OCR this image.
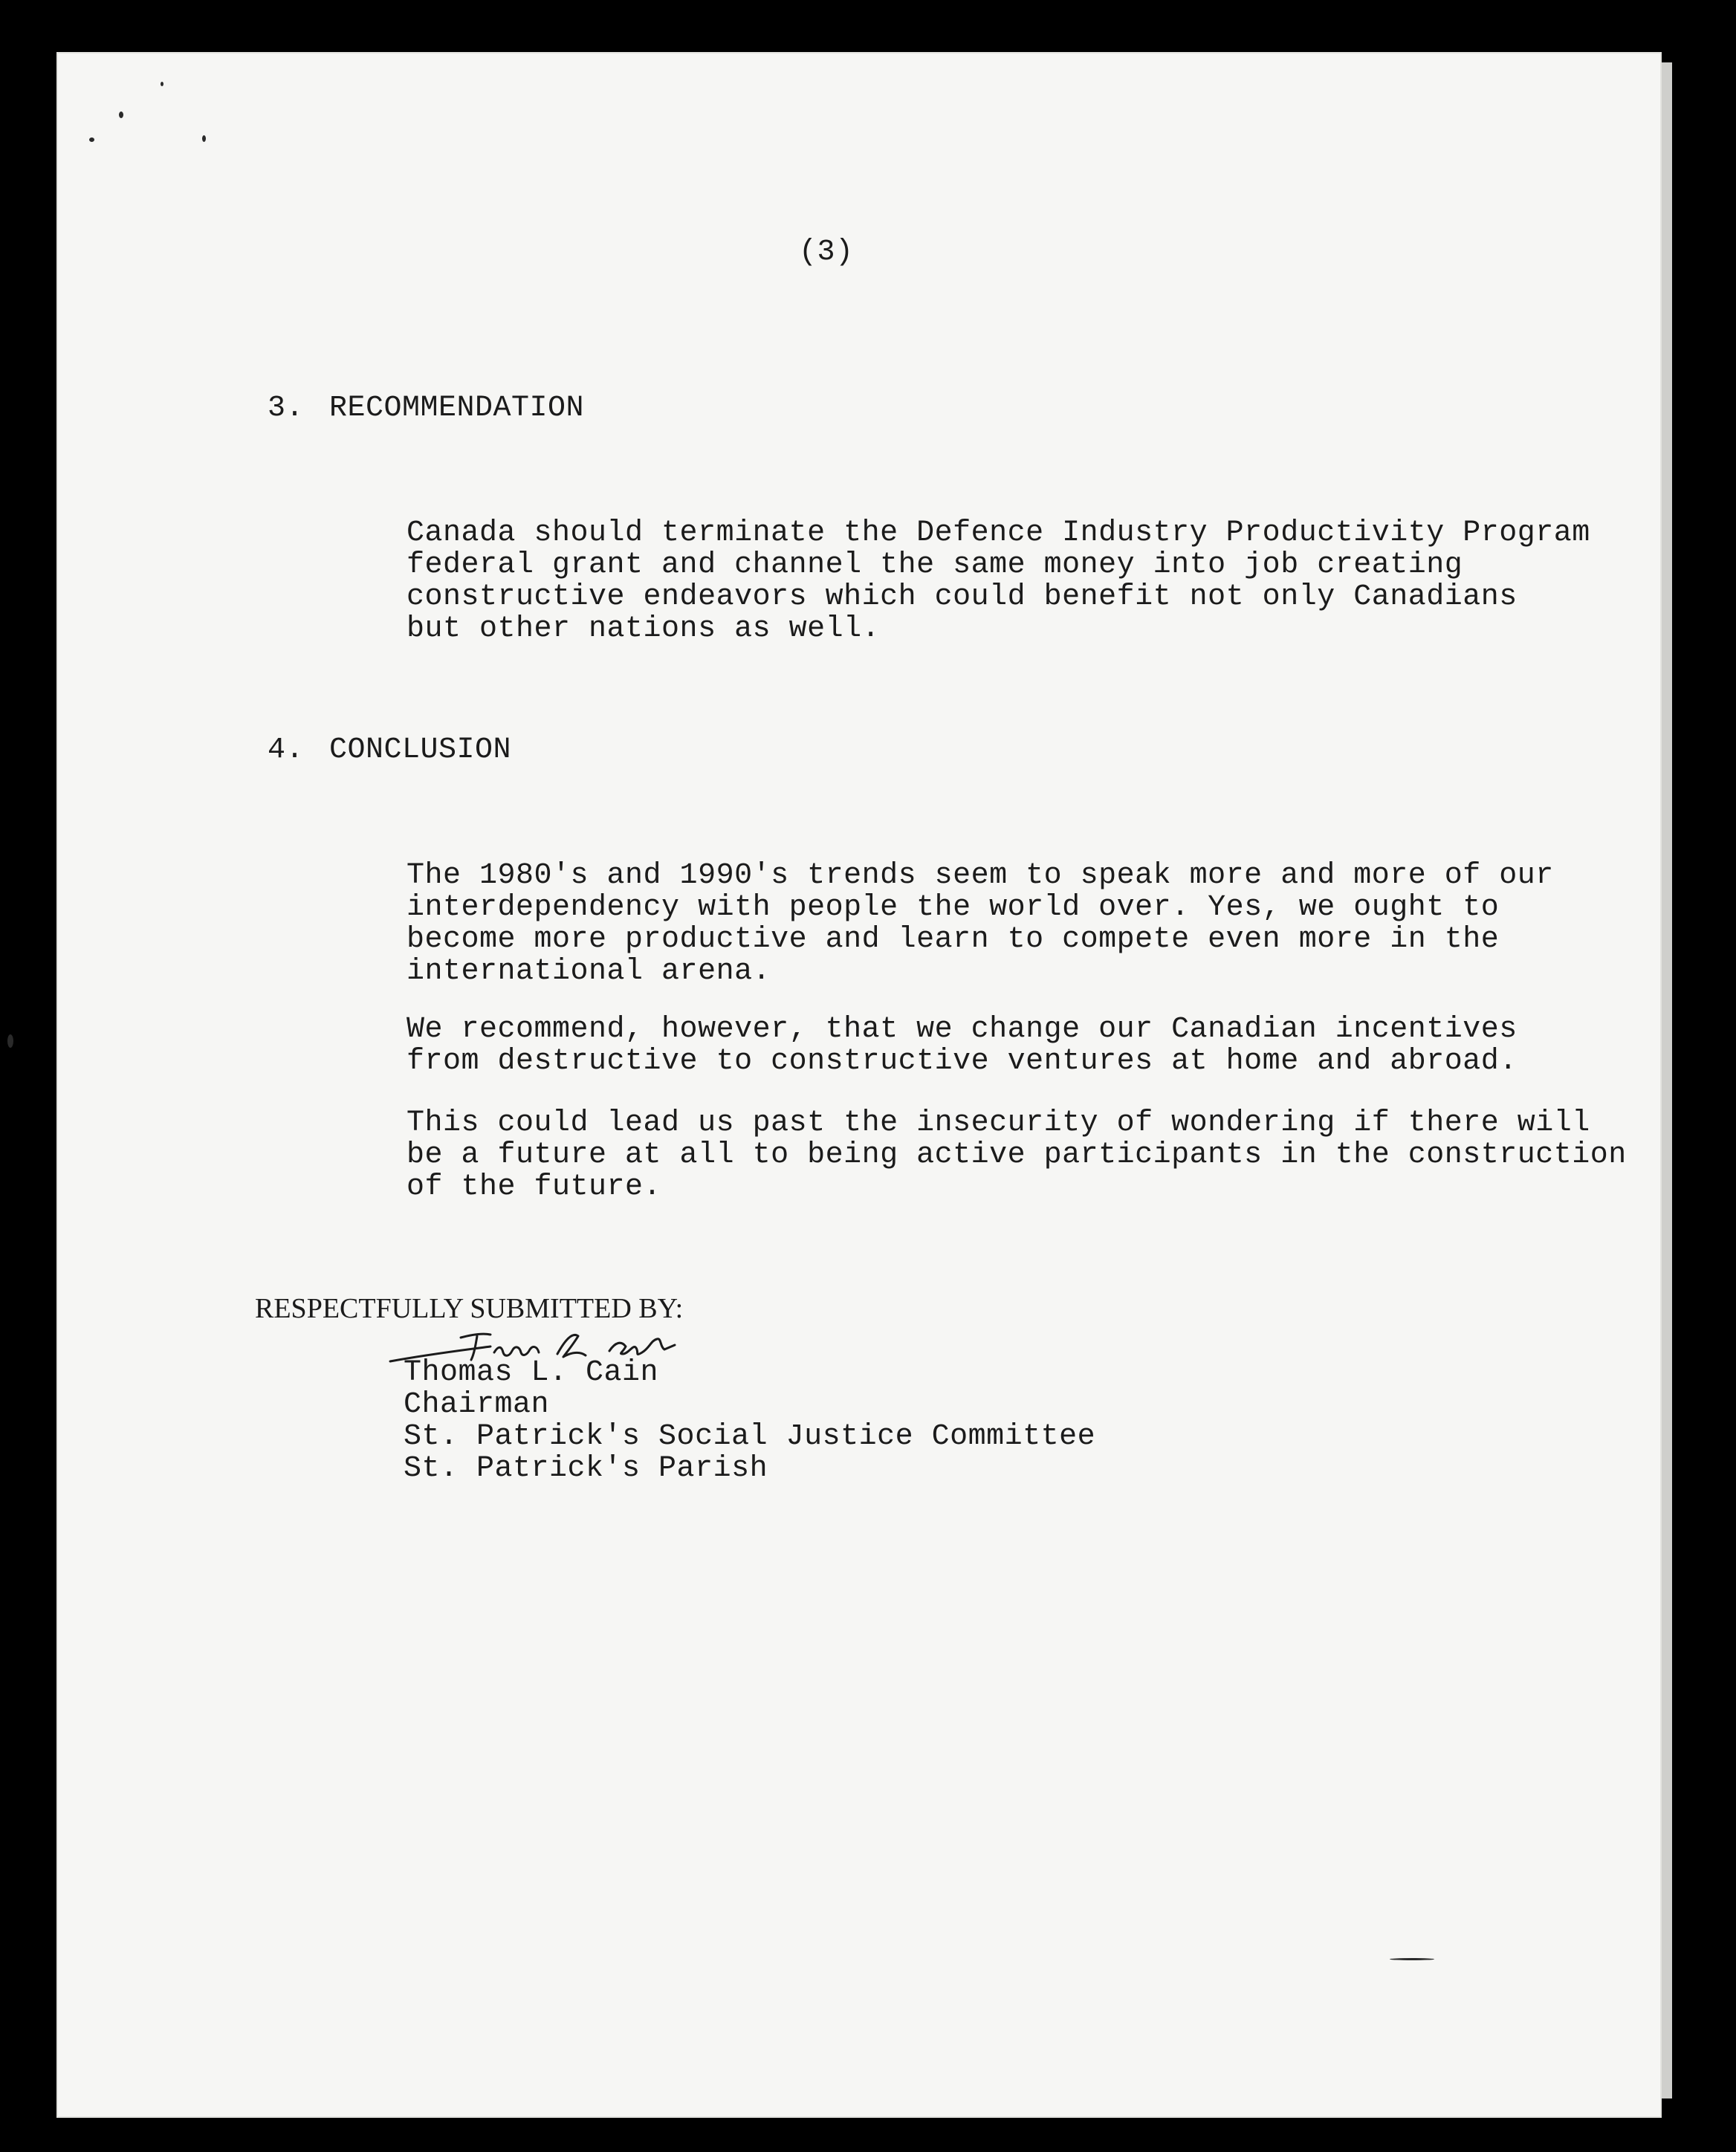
(3)
3. RECOMMENDATION
Canada should terminate the Defence Industry Productivity Program
federal grant and channel the same money into job creating
constructive endeavors which could benefit not only Canadians
but other nations as well.
4. CONCLUSION
The 1980's and 1990's trends seem to speak more and more of our
interdependency with people the world over. Yes, we ought to
become more productive and learn to compete even more in the
international arena.
We recommend, however, that we change our Canadian incentives
from destructive to constructive ventures at home and abroad.
This could lead us past the insecurity of wondering if there will
be a future at all to being active participants in the construction
of the future.
RESPECTFULLY SUBMITTED BY:
Thomas L. Cain
Chairman
St. Patrick's Social Justice Committee
St. Patrick's Parish
